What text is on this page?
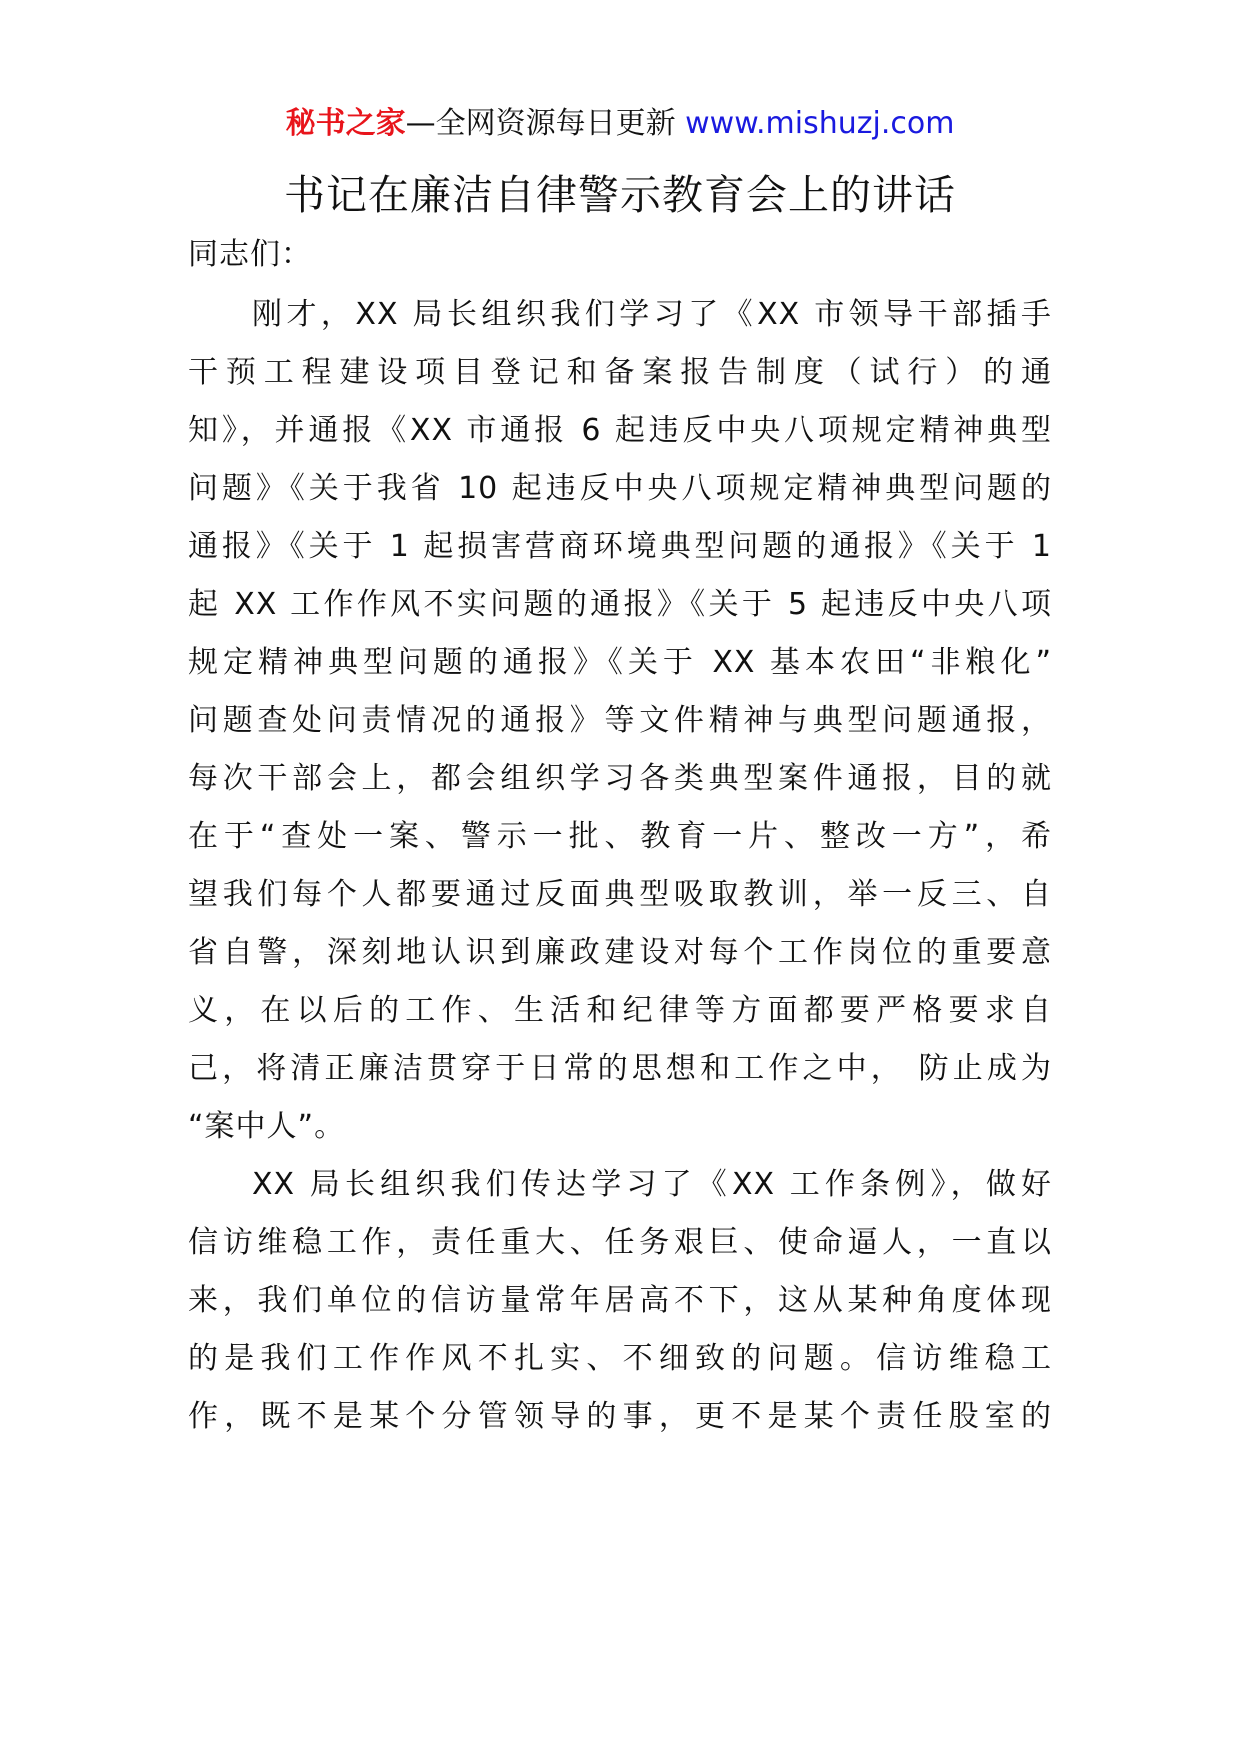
秘书之家—全网资源每日更新 www.mishuzj.com
书记在廉洁自律警示教育会上的讲话
同志们：
刚才，XX 局长组织我们学习了《XX 市领导干部插手
干预工程建设项目登记和备案报告制度（试行）的通
知》，并通报《XX 市通报 6 起违反中央八项规定精神典型
问题》《关于我省 10 起违反中央八项规定精神典型问题的
通报》《关于 1 起损害营商环境典型问题的通报》《关于 1
起 XX 工作作风不实问题的通报》《关于 5 起违反中央八项
规定精神典型问题的通报》《关于 XX 基本农田“非粮化”
问题查处问责情况的通报》等文件精神与典型问题通报，
每次干部会上，都会组织学习各类典型案件通报，目的就
在于“查处一案、警示一批、教育一片、整改一方”，希
望我们每个人都要通过反面典型吸取教训，举一反三、自
省自警，深刻地认识到廉政建设对每个工作岗位的重要意
义，在以后的工作、生活和纪律等方面都要严格要求自
己，将清正廉洁贯穿于日常的思想和工作之中， 防止成为
“案中人”。
XX 局长组织我们传达学习了《XX 工作条例》，做好
信访维稳工作，责任重大、任务艰巨、使命逼人，一直以
来，我们单位的信访量常年居高不下，这从某种角度体现
的是我们工作作风不扎实、不细致的问题。信访维稳工
作，既不是某个分管领导的事，更不是某个责任股室的
